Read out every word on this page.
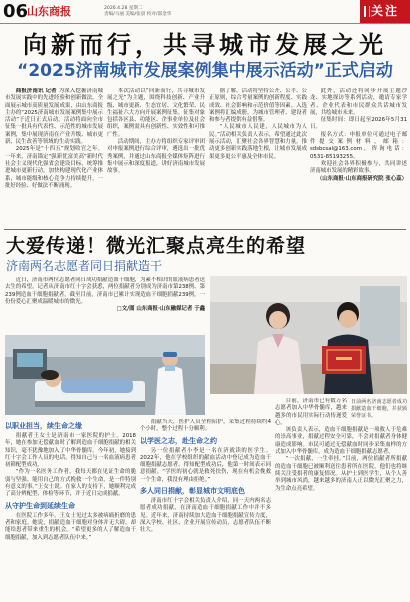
06
山东商报	2026.4.28 星期二
责编/马丽 美编/张晨 校对/邵金华	关注
向新而行，共寻城市发展之光
“2025济南城市发展案例集中展示活动”正式启动

商报济南讯 记者 为深入挖掘济南城市发展实践中的先进经验和创新做法，全面展示城市高质量发展成果，由山东商报主办的“2025济南城市发展案例集中展示活动”于近日正式启动。活动将面向全市征集一批具有代表性、示范性的城市发展案例，集中展现济南在产业升级、城市更新、民生改善等领域的生动实践。

2025年是“十四五”规划收官之年。一年来，济南锚定“强新优富美高”新时代社会主义现代化强省会建设目标，统筹推进城市更新行动，加快构建现代化产业体系，城市能级和核心竞争力持续提升，一批好经验、好做法不断涌现。

本次活动以“向新而行，共寻城市发展之光”为主题，围绕科技创新、产业升级、城市更新、生态宜居、文化繁荣、民生福祉六大方向开展案例征集。征集对象包括各区县、功能区、企事业单位及社会组织，案例需具有创新性、实效性和可推广性。

活动期间，主办方将组织专家评审团对申报案例进行综合评审，遴选出一批优秀案例，并通过山东商报全媒体矩阵进行集中展示和深度报道，讲好济南城市发展故事。

据了解，活动将坚持公开、公平、公正原则，综合考量案例的创新程度、实践成效、社会影响和示范价值等因素。入选案例将汇编成册，为城市管理者、建设者和参与者提供有益借鉴。

“人民城市人民建，人民城市为人民。”活动相关负责人表示，希望通过此次展示活动，汇聚社会各界智慧和力量，推动更多创新实践落地生根，让城市发展成果更多更公平惠及全体市民。

此外，活动还将同步开展主题沙龙、实地探访等系列活动，邀请专家学者、企业代表和市民群众共话城市发展，共绘城市未来。

征集时间：即日起至2026年5月31日。

报名方式：申报单位可通过电子邮件提交案例材料，邮箱：sdsbcsal@163.com，咨询电话：0531-85193255。

欢迎社会各界积极参与，共同讲述济南城市发展的精彩故事。

（山东商报·山东商报研究院 张心蕊）

大爱传递！微光汇聚点亮生的希望
济南两名志愿者同日捐献造干

近日，济南市两位志愿者同日成功捐献造血干细胞，为素不相识的血液病患者送去生的希望。记者从济南市红十字会获悉，两位捐献者分别成为济南市第238例、第239例造血干细胞捐献者。截至目前，济南市已累计实现造血干细胞捐献239例，一份份爱心汇聚成温暖城市的微光。

□文/图 山东商报·山东融媒记者 于鑫

以职业担当，续生命之缘

捐献者王女士是济南市一家医院的护士。2018年，她在参加无偿献血时了解到造血干细胞捐献的相关知识，毫不犹豫地加入了中华骨髓库。今年初，她接到红十字会工作人员的电话，得知自己与一名血液病患者初筛配型成功。

“作为一名医务工作者，我每天都在见证生命的脆弱与坚强。能用自己的方式挽救一个生命，是一件特别有意义的事。”王女士说。在家人的支持下，她顺利完成了高分辨配型、体检等环节，并于近日完成捐献。

从守护生命到延续生命

在医院工作多年，王女士见过太多被病痛折磨的患者和家庭。她说，捐献造血干细胞对身体并无大碍，却能给患者带来重生的机会。“希望更多的人了解造血干细胞捐献，加入到志愿者队伍中来。”

捐献当天，医护人员全程陪护，采集过程持续约4个小时，整个过程十分顺利。

以学医之志，赴生命之约

另一位捐献者小李是一名在济就读的医学生。2022年，他在学校组织的献血活动中登记成为造血干细胞捐献志愿者。得知配型成功后，他第一时间表示同意捐献。“学医的初心就是救死扶伤，现在有机会挽救一个生命，我没有理由拒绝。”

多人同日捐献，彰显城市文明底色

济南市红十字会相关负责人介绍，同一天内两名志愿者成功捐献，在济南造血干细胞捐献工作中并不多见。近年来，济南持续加大造血干细胞捐献宣传力度，深入学校、社区、企业开展宣传动员，志愿者队伍不断壮大。

日前两名济南志愿者成功捐献造血干细胞，并获颁荣誉证书。

目前，济南市已有数万名志愿者加入中华骨髓库，越来越多的市民用实际行动传递爱心。

该负责人表示，造血干细胞捐献是一项救人于危难的崇高事业，捐献过程安全可靠，不会对捐献者身体健康造成影响。市民可通过无偿献血时同步采集血样的方式加入中华骨髓库，成为造血干细胞捐献志愿者。

“一次捐献，一生牵挂。”目前，两位捐献者所捐献的造血干细胞已被顺利送往患者所在医院，他们也将继续关注受捐者的康复情况。从护士到医学生，从个人善举到城市风尚，越来越多的济南人正以微光汇聚之力，为生命点亮希望。
